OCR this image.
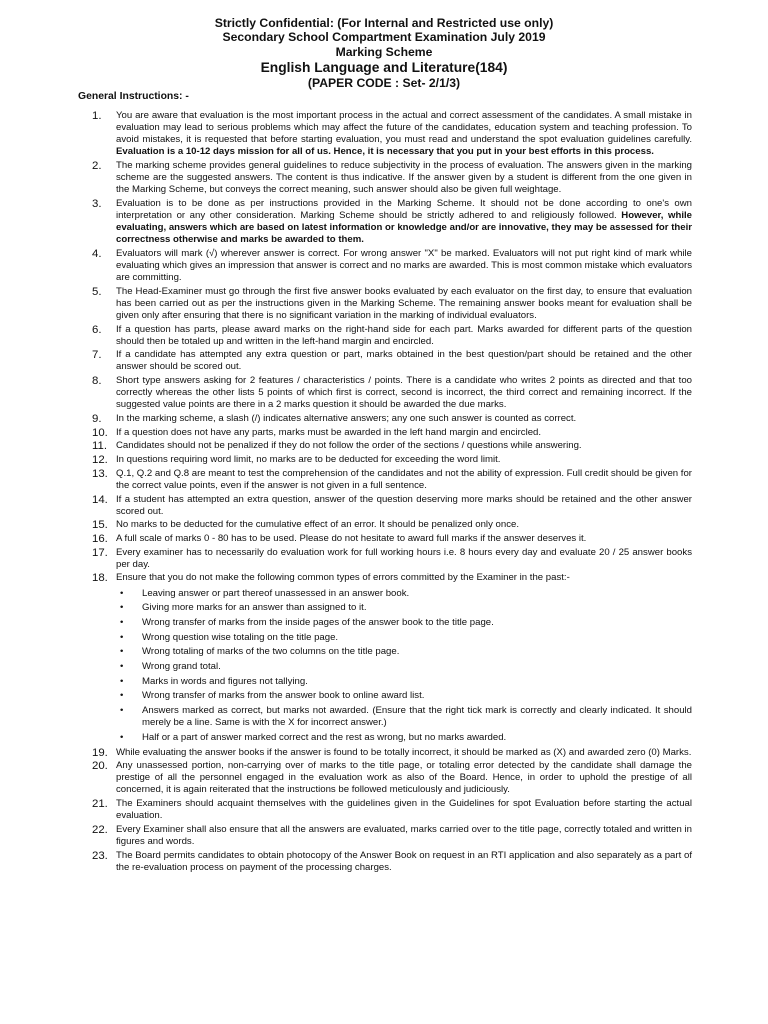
Strictly Confidential: (For Internal and Restricted use only)
Secondary School Compartment Examination July 2019
Marking Scheme
English Language and Literature(184)
(PAPER CODE : Set- 2/1/3)
General Instructions: -
1. You are aware that evaluation is the most important process in the actual and correct assessment of the candidates. A small mistake in evaluation may lead to serious problems which may affect the future of the candidates, education system and teaching profession. To avoid mistakes, it is requested that before starting evaluation, you must read and understand the spot evaluation guidelines carefully. Evaluation is a 10-12 days mission for all of us. Hence, it is necessary that you put in your best efforts in this process.
2. The marking scheme provides general guidelines to reduce subjectivity in the process of evaluation. The answers given in the marking scheme are the suggested answers. The content is thus indicative. If the answer given by a student is different from the one given in the Marking Scheme, but conveys the correct meaning, such answer should also be given full weightage.
3. Evaluation is to be done as per instructions provided in the Marking Scheme. It should not be done according to one's own interpretation or any other consideration. Marking Scheme should be strictly adhered to and religiously followed. However, while evaluating, answers which are based on latest information or knowledge and/or are innovative, they may be assessed for their correctness otherwise and marks be awarded to them.
4. Evaluators will mark (√) wherever answer is correct. For wrong answer "X" be marked. Evaluators will not put right kind of mark while evaluating which gives an impression that answer is correct and no marks are awarded. This is most common mistake which evaluators are committing.
5. The Head-Examiner must go through the first five answer books evaluated by each evaluator on the first day, to ensure that evaluation has been carried out as per the instructions given in the Marking Scheme. The remaining answer books meant for evaluation shall be given only after ensuring that there is no significant variation in the marking of individual evaluators.
6. If a question has parts, please award marks on the right-hand side for each part. Marks awarded for different parts of the question should then be totaled up and written in the left-hand margin and encircled.
7. If a candidate has attempted any extra question or part, marks obtained in the best question/part should be retained and the other answer should be scored out.
8. Short type answers asking for 2 features / characteristics / points. There is a candidate who writes 2 points as directed and that too correctly whereas the other lists 5 points of which first is correct, second is incorrect, the third correct and remaining incorrect. If the suggested value points are there in a 2 marks question it should be awarded the due marks.
9. In the marking scheme, a slash (/) indicates alternative answers; any one such answer is counted as correct.
10. If a question does not have any parts, marks must be awarded in the left hand margin and encircled.
11. Candidates should not be penalized if they do not follow the order of the sections / questions while answering.
12. In questions requiring word limit, no marks are to be deducted for exceeding the word limit.
13. Q.1, Q.2 and Q.8 are meant to test the comprehension of the candidates and not the ability of expression. Full credit should be given for the correct value points, even if the answer is not given in a full sentence.
14. If a student has attempted an extra question, answer of the question deserving more marks should be retained and the other answer scored out.
15. No marks to be deducted for the cumulative effect of an error. It should be penalized only once.
16. A full scale of marks 0 - 80 has to be used. Please do not hesitate to award full marks if the answer deserves it.
17. Every examiner has to necessarily do evaluation work for full working hours i.e. 8 hours every day and evaluate 20 / 25 answer books per day.
18. Ensure that you do not make the following common types of errors committed by the Examiner in the past:-
• Leaving answer or part thereof unassessed in an answer book.
• Giving more marks for an answer than assigned to it.
• Wrong transfer of marks from the inside pages of the answer book to the title page.
• Wrong question wise totaling on the title page.
• Wrong totaling of marks of the two columns on the title page.
• Wrong grand total.
• Marks in words and figures not tallying.
• Wrong transfer of marks from the answer book to online award list.
• Answers marked as correct, but marks not awarded. (Ensure that the right tick mark is correctly and clearly indicated. It should merely be a line. Same is with the X for incorrect answer.)
• Half or a part of answer marked correct and the rest as wrong, but no marks awarded.
19. While evaluating the answer books if the answer is found to be totally incorrect, it should be marked as (X) and awarded zero (0) Marks.
20. Any unassessed portion, non-carrying over of marks to the title page, or totaling error detected by the candidate shall damage the prestige of all the personnel engaged in the evaluation work as also of the Board. Hence, in order to uphold the prestige of all concerned, it is again reiterated that the instructions be followed meticulously and judiciously.
21. The Examiners should acquaint themselves with the guidelines given in the Guidelines for spot Evaluation before starting the actual evaluation.
22. Every Examiner shall also ensure that all the answers are evaluated, marks carried over to the title page, correctly totaled and written in figures and words.
23. The Board permits candidates to obtain photocopy of the Answer Book on request in an RTI application and also separately as a part of the re-evaluation process on payment of the processing charges.
